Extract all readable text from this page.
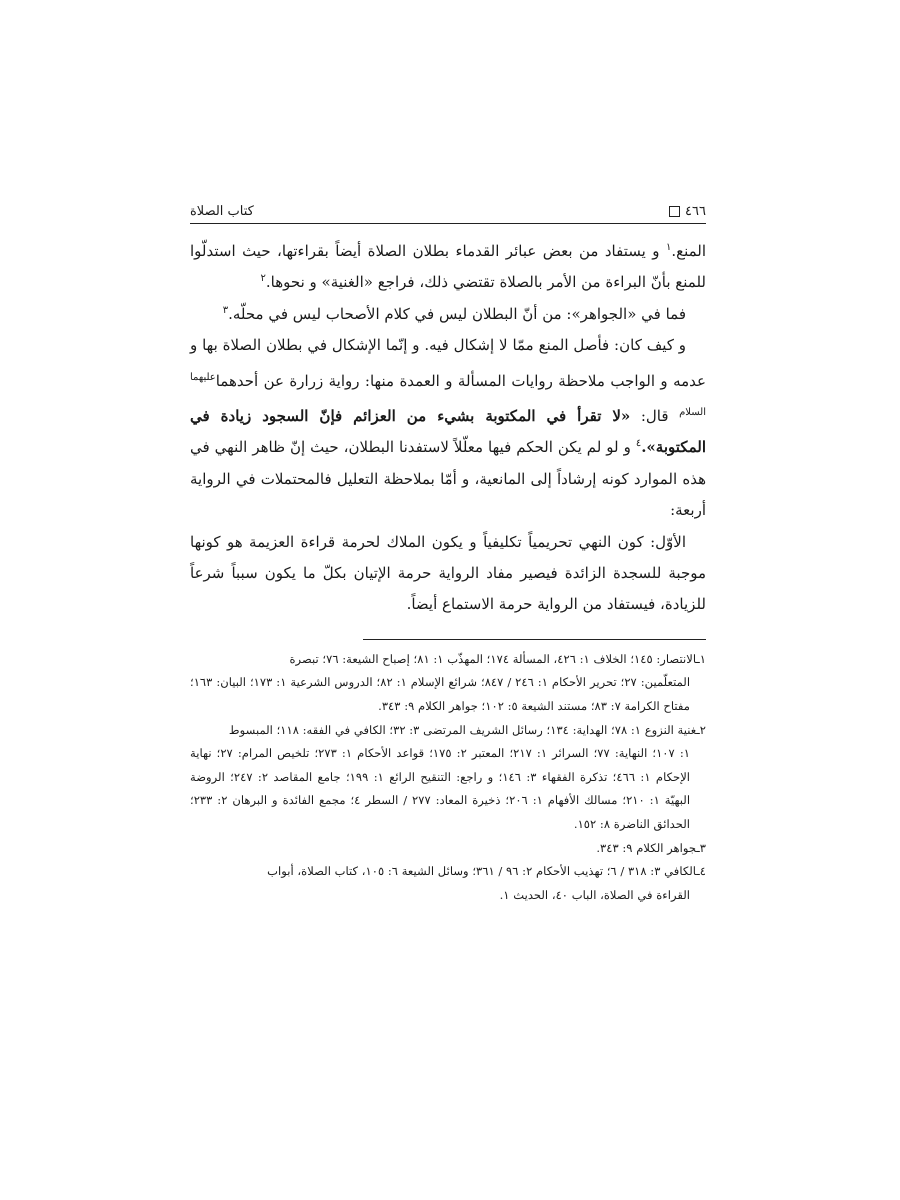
٤٦٦
كتاب الصلاة

المنع.$^١$ و يستفاد من بعض عبائر القدماء بطلان الصلاة أيضاً بقراءتها، حيث استدلّوا للمنع بأنّ البراءة من الأمر بالصلاة تقتضي ذلك، فراجع «الغنية» و نحوها.$^٢$

فما في «الجواهر»: من أنّ البطلان ليس في كلام الأصحاب ليس في محلّه.$^٣$

و كيف كان: فأصل المنع ممّا لا إشكال فيه. و إنّما الإشكال في بطلان الصلاة بها و عدمه و الواجب ملاحظة روايات المسألة و العمدة منها: رواية زرارة عن أحدهما$^{عليهما السلام}$ قال: «لا تقرأ في المكتوبة بشيء من العزائم فإنّ السجود زيادة في المكتوبة».$^٤$ و لو لم يكن الحكم فيها معلّلاً لاستفدنا البطلان، حيث إنّ ظاهر النهي في هذه الموارد كونه إرشاداً إلى المانعية، و أمّا بملاحظة التعليل فالمحتملات في الرواية أربعة:

الأوّل: كون النهي تحريمياً تكليفياً و يكون الملاك لحرمة قراءة العزيمة هو كونها موجبة للسجدة الزائدة فيصير مفاد الرواية حرمة الإتيان بكلّ ما يكون سبباً شرعاً للزيادة، فيستفاد من الرواية حرمة الاستماع أيضاً.

١ـالانتصار: ١٤٥؛ الخلاف ١: ٤٢٦، المسألة ١٧٤؛ المهذّب ١: ٨١؛ إصباح الشيعة: ٧٦؛ تبصرة
المتعلّمين: ٢٧؛ تحرير الأحكام ١: ٢٤٦ / ٨٤٧؛ شرائع الإسلام ١: ٨٢؛ الدروس الشرعية ١: ١٧٣؛ البيان: ١٦٣؛ مفتاح الكرامة ٧: ٨٣؛ مستند الشيعة ٥: ١٠٢؛ جواهر الكلام ٩: ٣٤٣.
٢ـغنية النزوع ١: ٧٨؛ الهداية: ١٣٤؛ رسائل الشريف المرتضى ٣: ٣٢؛ الكافي في الفقه: ١١٨؛ المبسوط
١: ١٠٧؛ النهاية: ٧٧؛ السرائر ١: ٢١٧؛ المعتبر ٢: ١٧٥؛ قواعد الأحكام ١: ٢٧٣؛ تلخيص المرام: ٢٧؛ نهاية الإحكام ١: ٤٦٦؛ تذكرة الفقهاء ٣: ١٤٦؛ و راجع: التنقيح الرائع ١: ١٩٩؛ جامع المقاصد ٢: ٢٤٧؛ الروضة البهيّة ١: ٢١٠؛ مسالك الأفهام ١: ٢٠٦؛ ذخيرة المعاد: ٢٧٧ / السطر ٤؛ مجمع الفائدة و البرهان ٢: ٢٣٣؛ الحدائق الناضرة ٨: ١٥٢.
٣ـجواهر الكلام ٩: ٣٤٣.
٤ـالكافي ٣: ٣١٨ / ٦؛ تهذيب الأحكام ٢: ٩٦ / ٣٦١؛ وسائل الشيعة ٦: ١٠٥، كتاب الصلاة، أبواب
القراءة في الصلاة، الباب ٤٠، الحديث ١.
